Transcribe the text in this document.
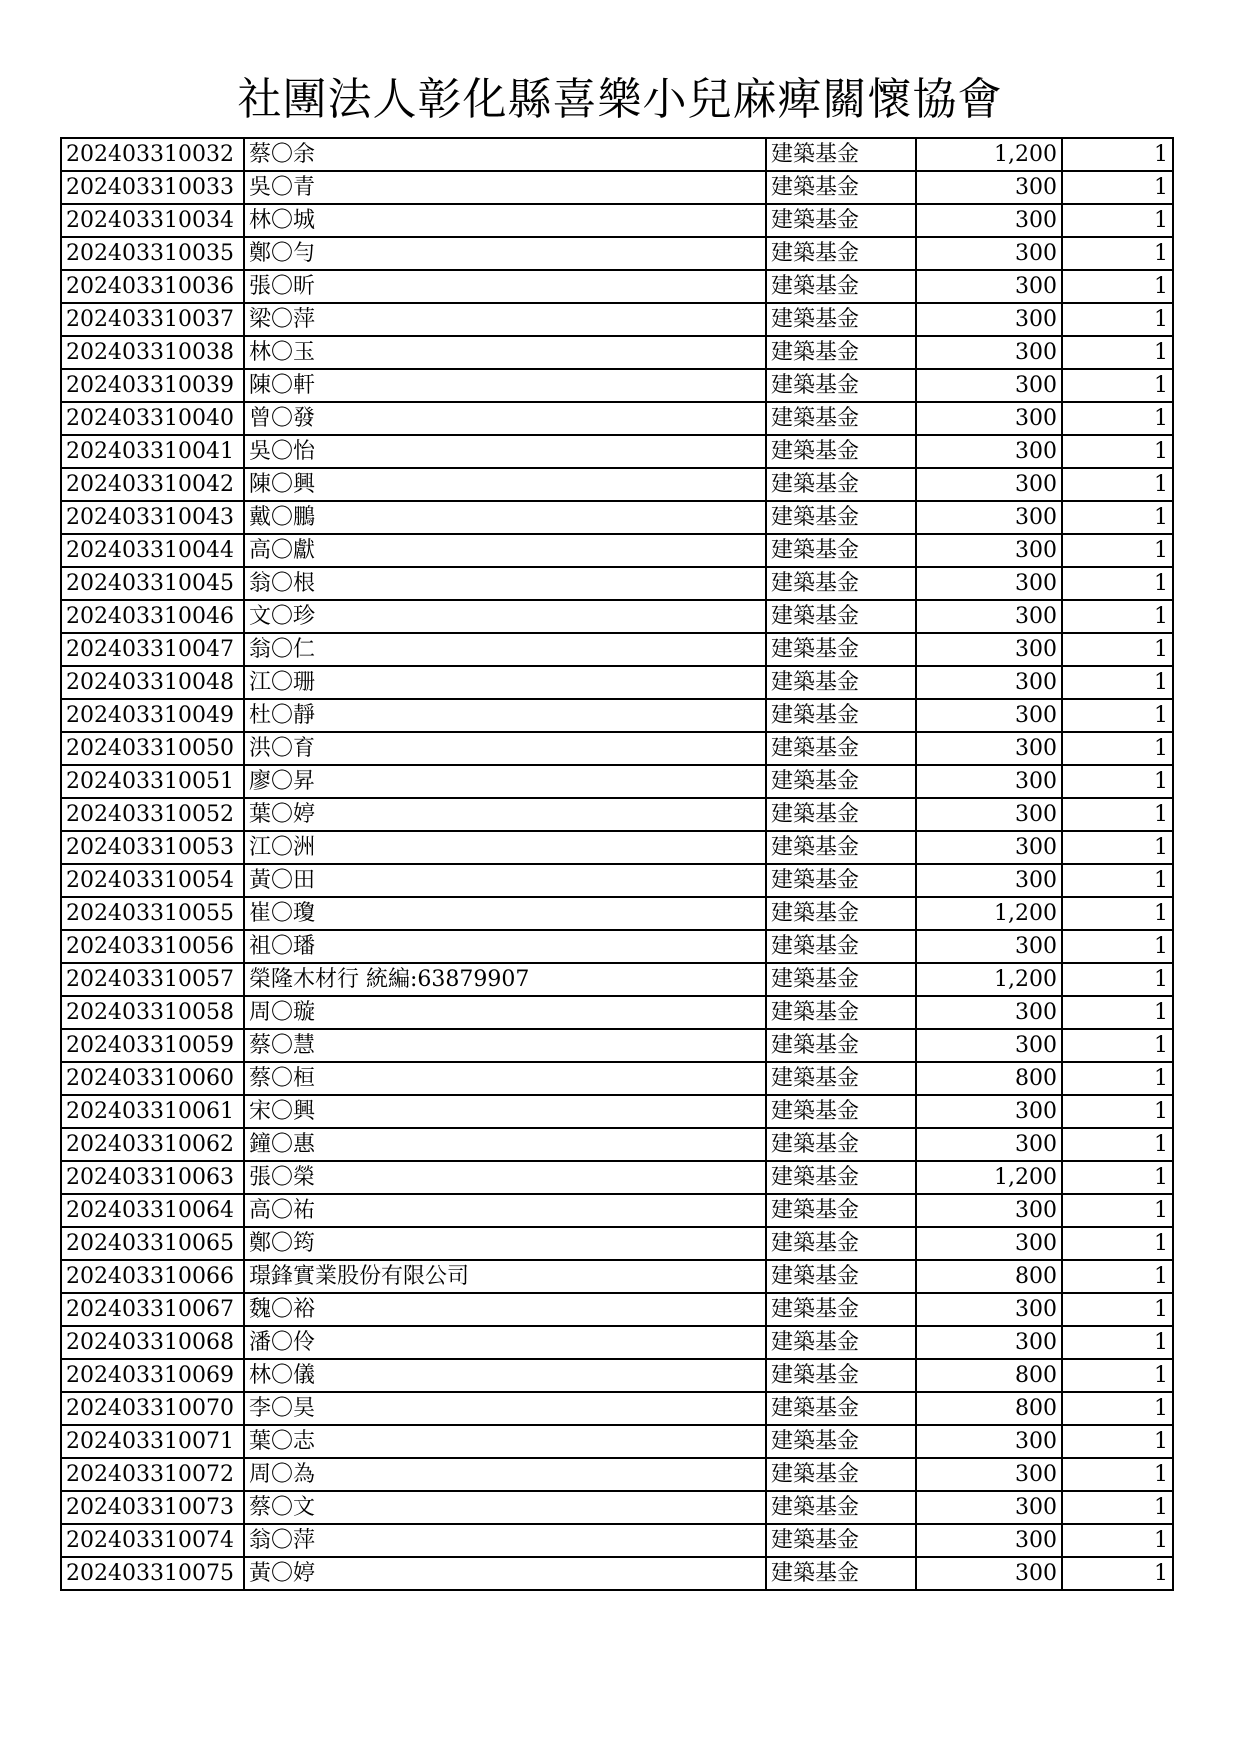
社團法人彰化縣喜樂小兒麻痺關懷協會
202403310032	蔡〇余	建築基金	1,200	1
202403310033	吳〇青	建築基金	300	1
202403310034	林〇城	建築基金	300	1
202403310035	鄭〇勻	建築基金	300	1
202403310036	張〇昕	建築基金	300	1
202403310037	梁〇萍	建築基金	300	1
202403310038	林〇玉	建築基金	300	1
202403310039	陳〇軒	建築基金	300	1
202403310040	曾〇發	建築基金	300	1
202403310041	吳〇怡	建築基金	300	1
202403310042	陳〇興	建築基金	300	1
202403310043	戴〇鵬	建築基金	300	1
202403310044	高〇獻	建築基金	300	1
202403310045	翁〇根	建築基金	300	1
202403310046	文〇珍	建築基金	300	1
202403310047	翁〇仁	建築基金	300	1
202403310048	江〇珊	建築基金	300	1
202403310049	杜〇靜	建築基金	300	1
202403310050	洪〇育	建築基金	300	1
202403310051	廖〇昇	建築基金	300	1
202403310052	葉〇婷	建築基金	300	1
202403310053	江〇洲	建築基金	300	1
202403310054	黃〇田	建築基金	300	1
202403310055	崔〇瓊	建築基金	1,200	1
202403310056	祖〇璠	建築基金	300	1
202403310057	榮隆木材行 統編:63879907	建築基金	1,200	1
202403310058	周〇璇	建築基金	300	1
202403310059	蔡〇慧	建築基金	300	1
202403310060	蔡〇桓	建築基金	800	1
202403310061	宋〇興	建築基金	300	1
202403310062	鐘〇惠	建築基金	300	1
202403310063	張〇榮	建築基金	1,200	1
202403310064	高〇祐	建築基金	300	1
202403310065	鄭〇筠	建築基金	300	1
202403310066	璟鋒實業股份有限公司	建築基金	800	1
202403310067	魏〇裕	建築基金	300	1
202403310068	潘〇伶	建築基金	300	1
202403310069	林〇儀	建築基金	800	1
202403310070	李〇昊	建築基金	800	1
202403310071	葉〇志	建築基金	300	1
202403310072	周〇為	建築基金	300	1
202403310073	蔡〇文	建築基金	300	1
202403310074	翁〇萍	建築基金	300	1
202403310075	黃〇婷	建築基金	300	1
